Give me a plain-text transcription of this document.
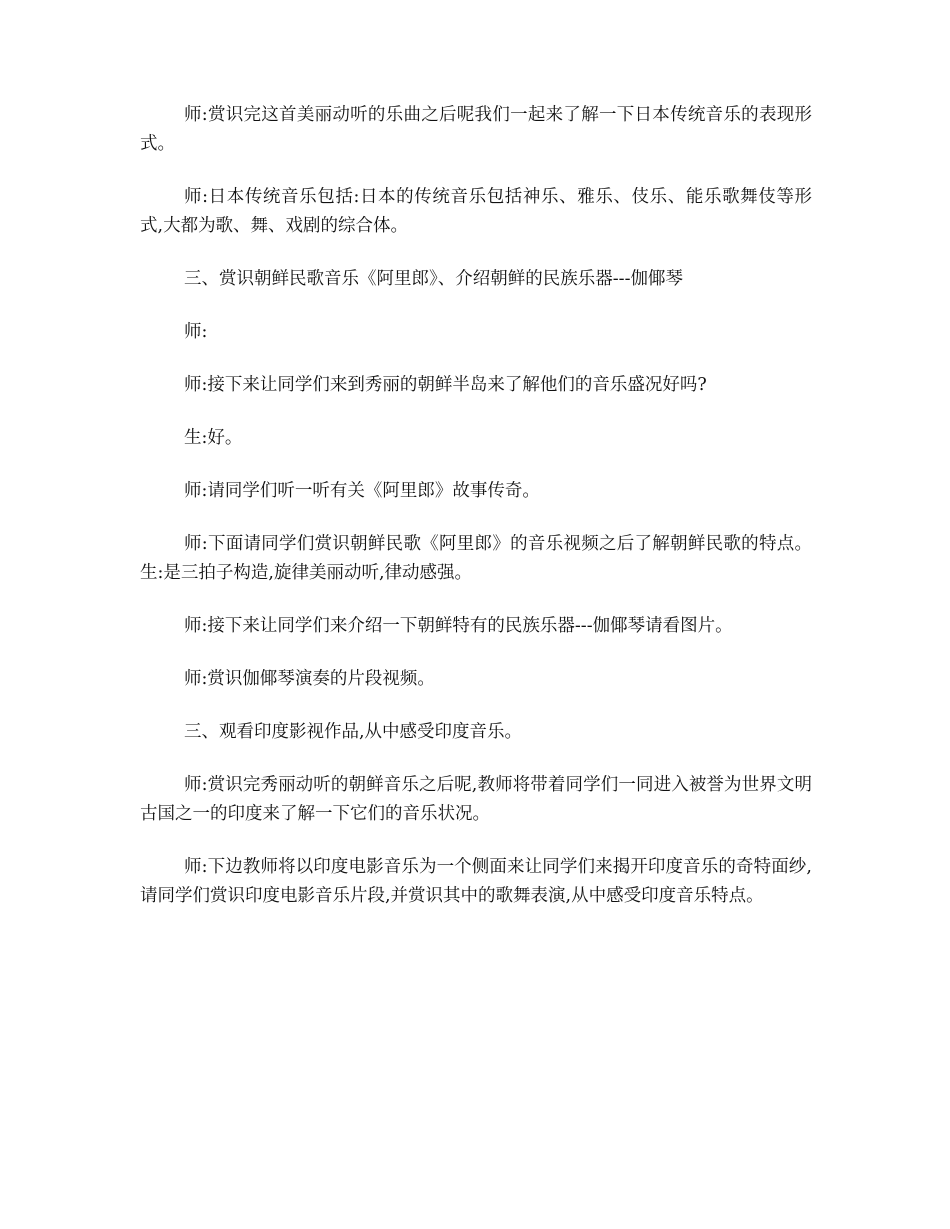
师:赏识完这首美丽动听的乐曲之后呢我们一起来了解一下日本传统音乐的表现形式。

师:日本传统音乐包括:日本的传统音乐包括神乐、雅乐、伎乐、能乐歌舞伎等形式,大都为歌、舞、戏剧的综合体。

三、赏识朝鲜民歌音乐《阿里郎》、介绍朝鲜的民族乐器---伽倻琴

师:

师:接下来让同学们来到秀丽的朝鲜半岛来了解他们的音乐盛况好吗?

生:好。

师:请同学们听一听有关《阿里郎》故事传奇。

师:下面请同学们赏识朝鲜民歌《阿里郎》的音乐视频之后了解朝鲜民歌的特点。生:是三拍子构造,旋律美丽动听,律动感强。

师:接下来让同学们来介绍一下朝鲜特有的民族乐器---伽倻琴请看图片。

师:赏识伽倻琴演奏的片段视频。

三、观看印度影视作品,从中感受印度音乐。

师:赏识完秀丽动听的朝鲜音乐之后呢,教师将带着同学们一同进入被誉为世界文明古国之一的印度来了解一下它们的音乐状况。

师:下边教师将以印度电影音乐为一个侧面来让同学们来揭开印度音乐的奇特面纱,请同学们赏识印度电影音乐片段,并赏识其中的歌舞表演,从中感受印度音乐特点。
